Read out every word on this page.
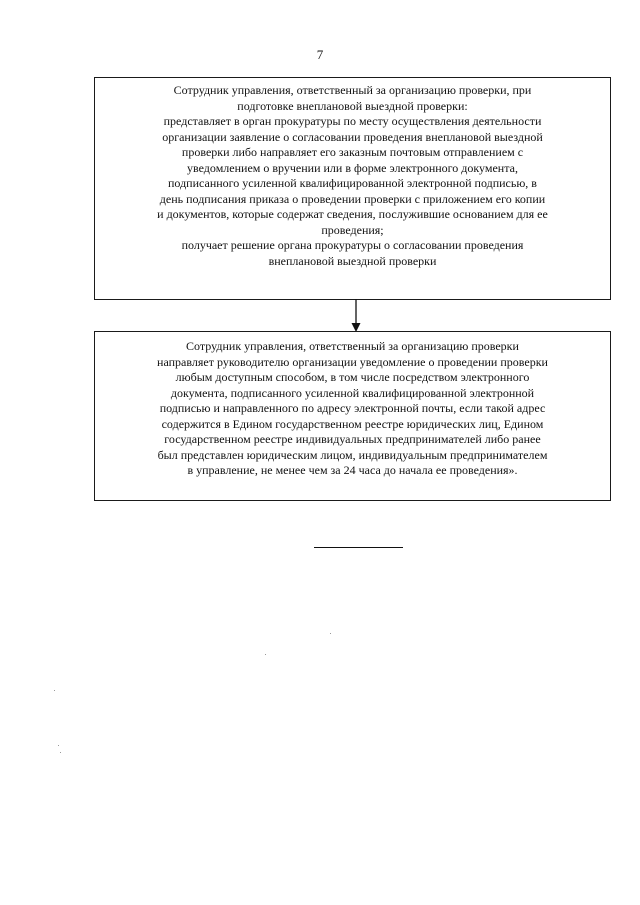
7
Сотрудник управления, ответственный за организацию проверки, при
подготовке внеплановой выездной проверки:
представляет в орган прокуратуры по месту осуществления деятельности
организации заявление о согласовании проведения внеплановой выездной
проверки либо направляет его заказным почтовым отправлением с
уведомлением о вручении или в форме электронного документа,
подписанного усиленной квалифицированной электронной подписью, в
день подписания приказа о проведении проверки с приложением его копии
и документов, которые содержат сведения, послужившие основанием для ее
проведения;
получает решение органа прокуратуры о согласовании проведения
внеплановой выездной проверки
Сотрудник управления, ответственный за организацию проверки
направляет руководителю организации уведомление о проведении проверки
любым доступным способом, в том числе посредством электронного
документа, подписанного усиленной квалифицированной электронной
подписью и направленного по адресу электронной почты, если такой адрес
содержится в Едином государственном реестре юридических лиц, Едином
государственном реестре индивидуальных предпринимателей либо ранее
был представлен юридическим лицом, индивидуальным предпринимателем
в управление, не менее чем за 24 часа до начала ее проведения».
